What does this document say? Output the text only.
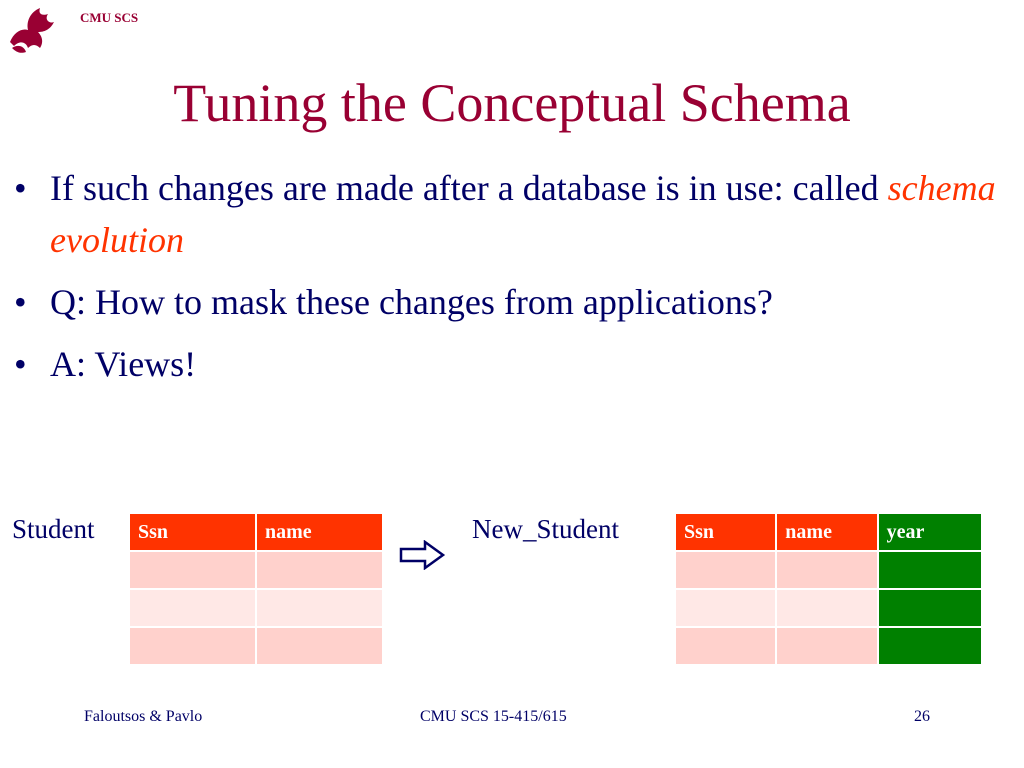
CMU SCS
Tuning the Conceptual Schema
• If such changes are made after a database is in use: called schema evolution
• Q: How to mask these changes from applications?
• A: Views!
Student Ssn	name

		New_Student	Ssn	name	year

Faloutsos & Pavlo	CMU SCS 15-415/615	26
